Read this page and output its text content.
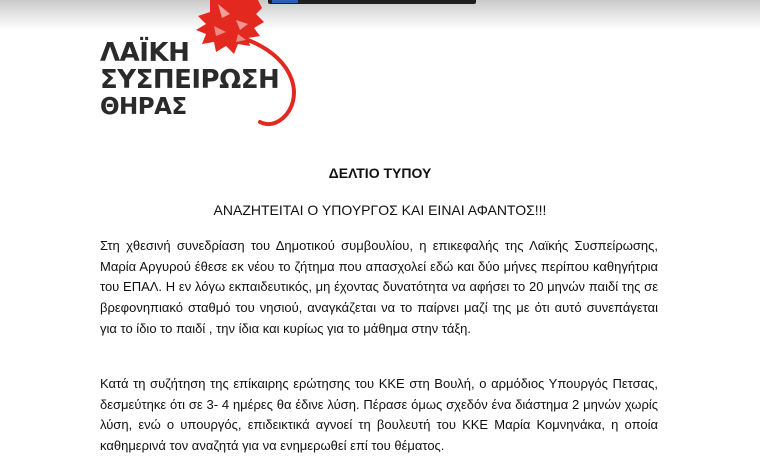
ΛΑΪΚΗ
ΣΥΣΠΕΙΡΩΣΗ
ΘΗΡΑΣ
ΔΕΛΤΙΟ ΤΥΠΟΥ
ΑΝΑΖΗΤΕΙΤΑΙ Ο ΥΠΟΥΡΓΟΣ ΚΑΙ ΕΙΝΑΙ ΑΦΑΝΤΟΣ!!!
Στη χθεσινή συνεδρίαση του Δημοτικού συμβουλίου, η επικεφαλής της Λαϊκής Συσπείρωσης, Μαρία Αργυρού έθεσε εκ νέου το ζήτημα που απασχολεί εδώ και δύο μήνες περίπου καθηγήτρια του ΕΠΑΛ. Η εν λόγω εκπαιδευτικός, μη έχοντας δυνατότητα να αφήσει το 20 μηνών παιδί της σε βρεφονηπιακό σταθμό του νησιού, αναγκάζεται να το παίρνει μαζί της με ότι αυτό συνεπάγεται για το ίδιο το παιδί , την ίδια και κυρίως για το μάθημα στην τάξη.
Κατά τη συζήτηση της επίκαιρης ερώτησης του ΚΚΕ στη Βουλή, ο αρμόδιος Υπουργός Πετσας, δεσμεύτηκε ότι σε 3- 4 ημέρες θα έδινε λύση. Πέρασε όμως σχεδόν ένα διάστημα 2 μηνών χωρίς λύση, ενώ ο υπουργός, επιδεικτικά αγνοεί τη βουλευτή του ΚΚΕ Μαρία Κομνηνάκα, η οποία καθημερινά τον αναζητά για να ενημερωθεί επί του θέματος.
